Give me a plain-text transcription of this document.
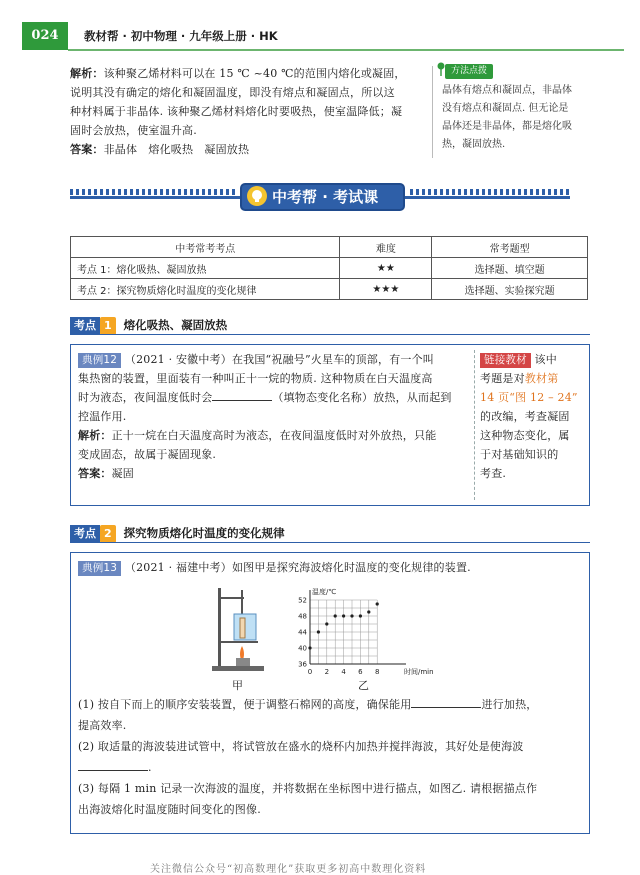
024	教材帮 · 初中物理 · 九年级上册 · HK
解析：该种聚乙烯材料可以在 15 ℃ ~40 ℃的范围内熔化或凝固，
说明其没有确定的熔化和凝固温度，即没有熔点和凝固点，所以这
种材料属于非晶体. 该种聚乙烯材料熔化时要吸热，使室温降低；凝
固时会放热，使室温升高.
答案：非晶体　熔化吸热　凝固放热
方法点拨
晶体有熔点和凝固点，非晶体
没有熔点和凝固点. 但无论是
晶体还是非晶体，都是熔化吸
热，凝固放热.
中考帮 · 考试课
中考常考考点	难度	常考题型
考点 1：熔化吸热、凝固放热	★★	选择题、填空题
考点 2：探究物质熔化时温度的变化规律	★★★	选择题、实验探究题
考点 1 熔化吸热、凝固放热
典例12 （2021 · 安徽中考）在我国“祝融号”火星车的顶部，有一个叫
集热窗的装置，里面装有一种叫正十一烷的物质. 这种物质在白天温度高
时为液态，夜间温度低时会	（填物态变化名称）放热，从而起到
控温作用.
解析：正十一烷在白天温度高时为液态，在夜间温度低时对外放热，只能
变成固态，故属于凝固现象.
答案：凝固
链接教材 该中
考题是对教材第
14 页“图 12 – 24”
的改编，考查凝固
这种物态变化，属
于对基础知识的
考查.
考点 2 探究物质熔化时温度的变化规律
典例13 （2021 · 福建中考）如图甲是探究海波熔化时温度的变化规律的装置.
甲
0 2 4 6 8
36
40
44
48
52
温度/℃
时间/min
乙
(1) 按自下而上的顺序安装装置，便于调整石棉网的高度，确保能用	进行加热，
提高效率.
(2) 取适量的海波装进试管中，将试管放在盛水的烧杯内加热并搅拌海波，其好处是使海波
.
(3) 每隔 1 min 记录一次海波的温度，并将数据在坐标图中进行描点，如图乙. 请根据描点作
出海波熔化时温度随时间变化的图像.
关注微信公众号“初高数理化”获取更多初高中数理化资料
